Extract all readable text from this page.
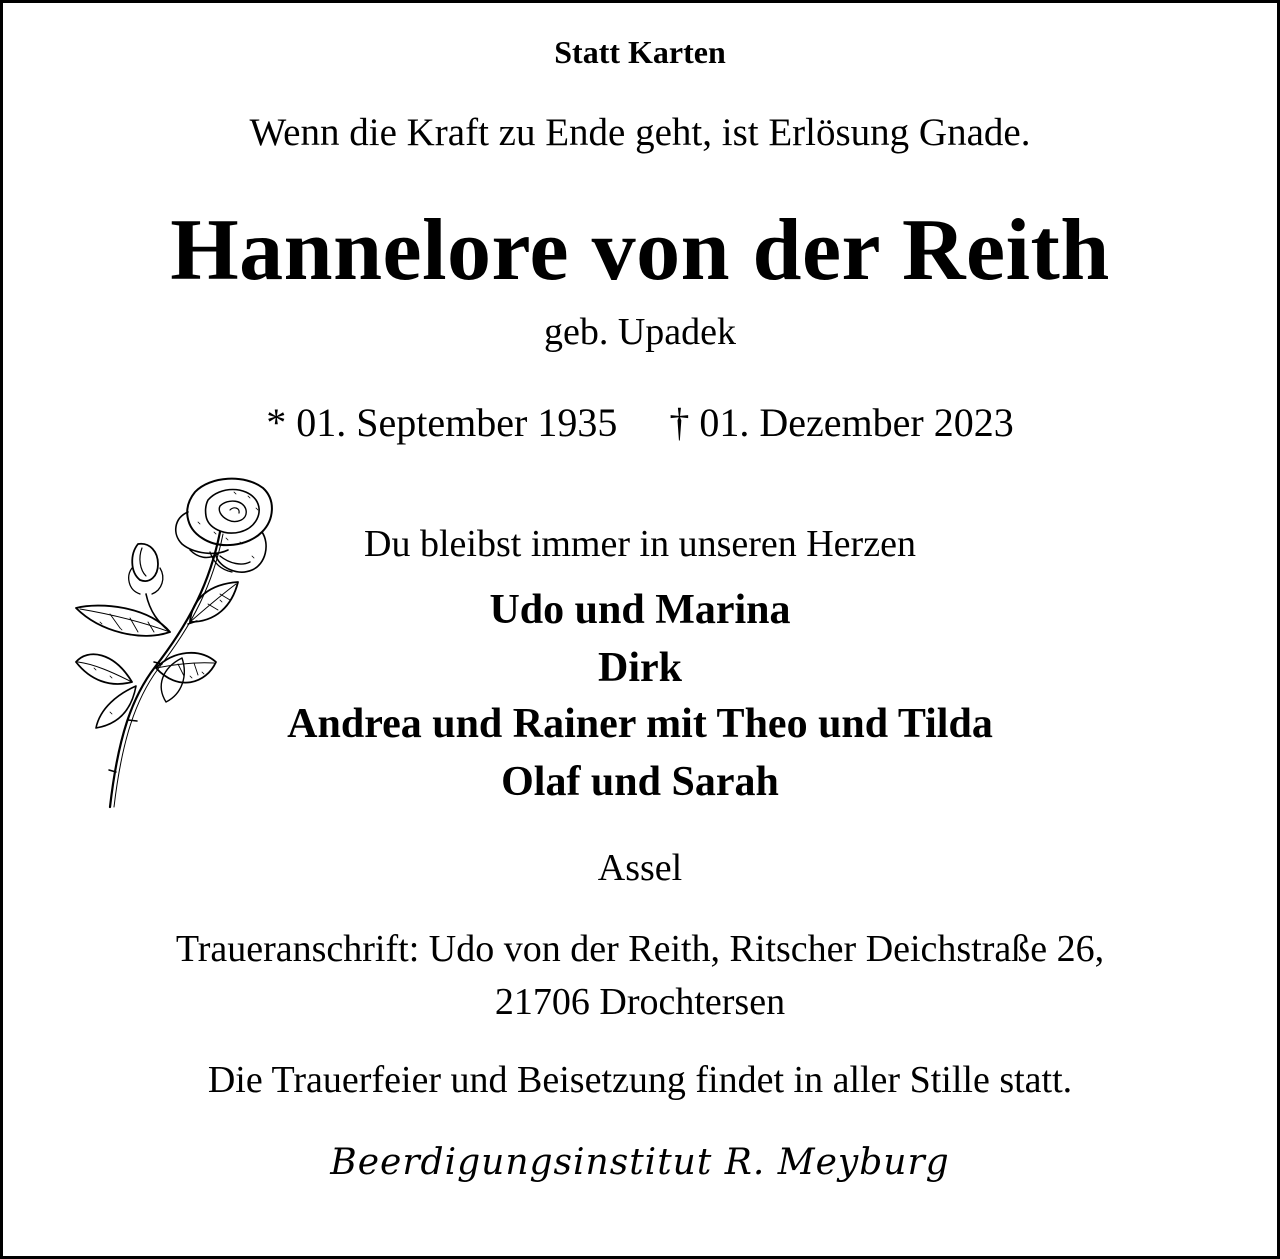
Statt Karten
Wenn die Kraft zu Ende geht, ist Erlösung Gnade.
Hannelore von der Reith
geb. Upadek
* 01. September 1935 † 01. Dezember 2023
Du bleibst immer in unseren Herzen
Udo und Marina
Dirk
Andrea und Rainer mit Theo und Tilda
Olaf und Sarah
Assel
Traueranschrift: Udo von der Reith, Ritscher Deichstraße 26,
21706 Drochtersen
Die Trauerfeier und Beisetzung findet in aller Stille statt.
Beerdigungsinstitut R. Meyburg
